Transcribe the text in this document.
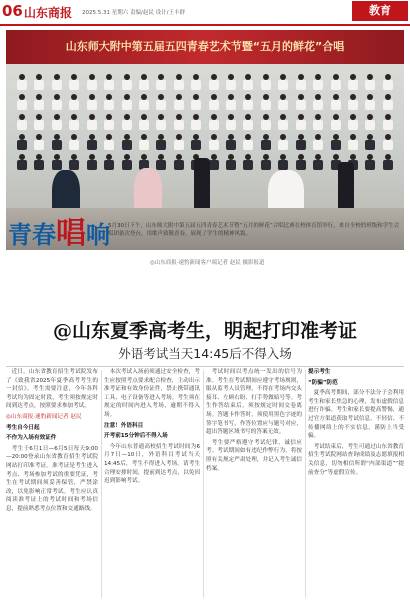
06 山东商报 2025.5.31 星期六 责编/赵民 设计/王丰群	教育
山东师大附中第五届五四青春艺术节暨“五月的鲜花”合唱
青春唱响
5月30日下午，山东师大附中第五届五四青春艺术节暨“五月的鲜花”合唱比赛在校体育馆举行，来自全校的班级和学生合唱团依次登台，用歌声致敬青春，展现了学生的精神风貌。
◎山东商报·速豹新闻客户端记者 赵民 摄影报道
@山东夏季高考生，明起打印准考证
外语考试当天14:45后不得入场

近日，山东省教育招生考试院发布了《致我省2025年夏季高考考生的一封信》，考生需要注意，今年各科考试均为固定时段，考生须按规定时间到达考点，按照要求参加考试。

◎山东商报·速豹新闻记者 赵民

考生自今日起

不作为入场有效证件

考生于6月1日—6月5日每天9:00—20:00登录山东省教育招生考试院网站打印准考证。准考证是考生进入考点、考场参加考试的重要凭证，考生在考试期间须妥善保管，严禁涂改，以免影响正常考试。考生应认真阅读准考证上的考试时间和考场信息，提前熟悉考点位置和交通路线。

本次考试入场前须通过安全检查，考生应按照考点要求配合检查，主动出示准考证和有效身份证件，禁止携带通讯工具、电子设备等进入考场。考生须在规定的时间内进入考场，逾期不得入场。

注意！外语科目

开考前15分钟后不得入场

今年山东普通高校招生考试时间为6月7日—10日，外语科目考试当天14:45后，考生不得进入考场。请考生合理安排时间，提前到达考点，以免因迟到影响考试。

考试时间以考点统一发出的信号为准。考生在考试期间应遵守考场规则，服从监考人员管理，不得在考场内交头接耳、左顾右盼、打手势做暗号等。考生作答结束后，须按规定时间交卷离场。答题卡作答时，须使用黑色字迹的签字笔书写，作答位置应与题号对应，超出答题区域书写的答案无效。

考生要严格遵守考试纪律，诚信应考。考试期间如有违纪作弊行为，将按照有关规定严肃处理，并记入考生诚信档案。

提示考生

“防骗”防范

夏季高考期间，部分不法分子会利用考生和家长焦急的心理，发布虚假信息进行诈骗。考生和家长要提高警惕，通过官方渠道获取考试信息，不轻信、不传播网络上的不实信息，谨防上当受骗。

考试结束后，考生可通过山东省教育招生考试院网站查询成绩及志愿填报相关信息，切勿相信所谓“内部渠道”“提前查分”等虚假宣传。
